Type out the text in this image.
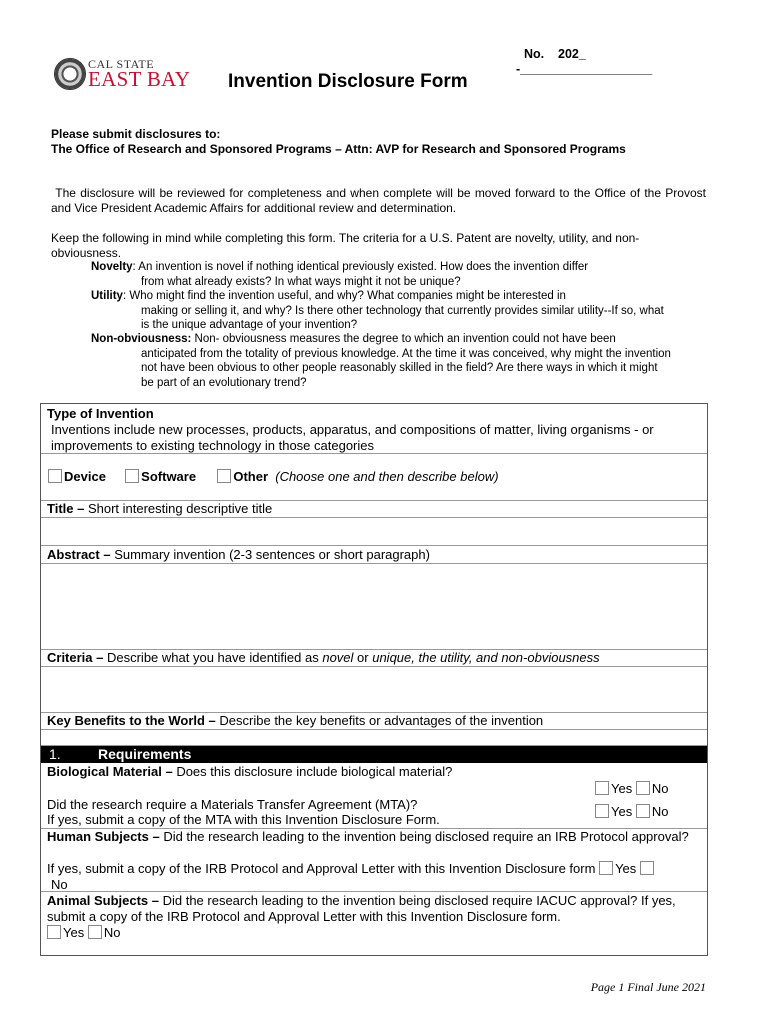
CAL STATE
EAST BAY Invention Disclosure Form
No. 202_
-___________________
Please submit disclosures to:
The Office of Research and Sponsored Programs – Attn: AVP for Research and Sponsored Programs
The disclosure will be reviewed for completeness and when complete will be moved forward to the Office of the Provost and Vice President Academic Affairs for additional review and determination.
Keep the following in mind while completing this form. The criteria for a U.S. Patent are novelty, utility, and non-obviousness.
Novelty: An invention is novel if nothing identical previously existed. How does the invention differ
from what already exists? In what ways might it not be unique?
Utility: Who might find the invention useful, and why? What companies might be interested in
making or selling it, and why? Is there other technology that currently provides similar utility--If so, what is the unique advantage of your invention?
Non-obviousness: Non- obviousness measures the degree to which an invention could not have been
anticipated from the totality of previous knowledge. At the time it was conceived, why might the invention not have been obvious to other people reasonably skilled in the field? Are there ways in which it might be part of an evolutionary trend?
Type of Invention
Inventions include new processes, products, apparatus, and compositions of matter, living organisms - or improvements to existing technology in those categories
Device	Software	Other (Choose one and then describe below)
Title – Short interesting descriptive title
Abstract – Summary invention (2-3 sentences or short paragraph)
Criteria – Describe what you have identified as novel or unique, the utility, and non-obviousness
Key Benefits to the World – Describe the key benefits or advantages of the invention
1.	Requirements
Biological Material – Does this disclosure include biological material?
Yes No
Did the research require a Materials Transfer Agreement (MTA)?
If yes, submit a copy of the MTA with this Invention Disclosure Form.
Yes No
Human Subjects – Did the research leading to the invention being disclosed require an IRB Protocol approval?
If yes, submit a copy of the IRB Protocol and Approval Letter with this Invention Disclosure form Yes
No
Animal Subjects – Did the research leading to the invention being disclosed require IACUC approval? If yes, submit a copy of the IRB Protocol and Approval Letter with this Invention Disclosure form.
Yes No
Page 1 Final June 2021
